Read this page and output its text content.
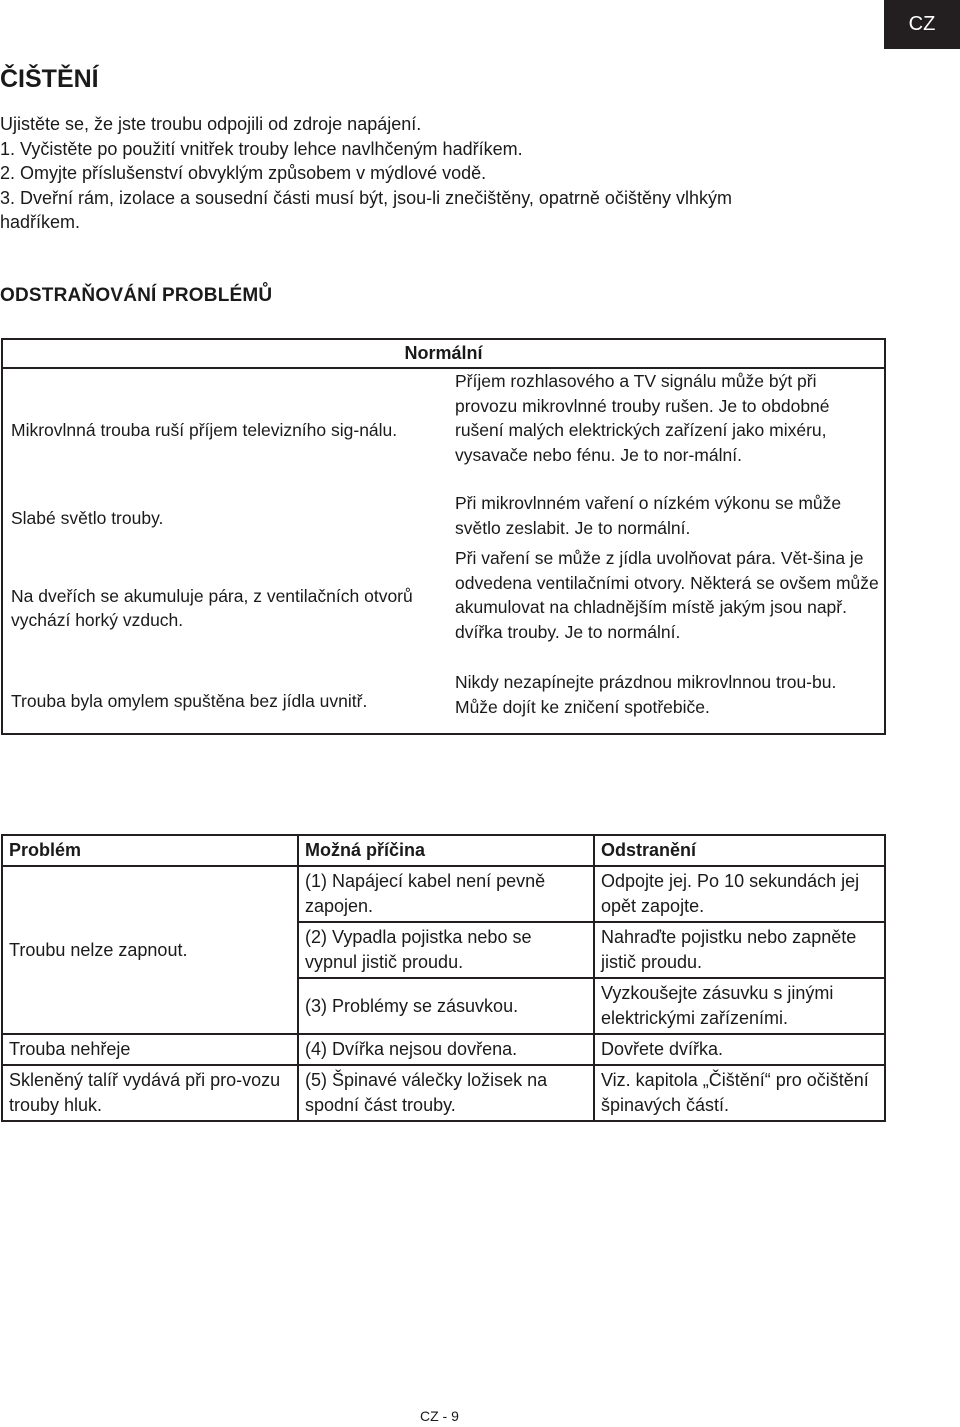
CZ
ČIŠTĚNÍ
Ujistěte se, že jste troubu odpojili od zdroje napájení.
1. Vyčistěte po použití vnitřek trouby lehce navlhčeným hadříkem.
2. Omyjte příslušenství obvyklým způsobem v mýdlové vodě.
3. Dveřní rám, izolace a sousední části musí být, jsou-li znečištěny, opatrně očištěny vlhkým
hadříkem.
ODSTRAŇOVÁNÍ PROBLÉMŮ
Normální	
Mikrovlnná trouba ruší příjem televizního sig-nálu.	Příjem rozhlasového a TV signálu může být při provozu mikrovlnné trouby rušen. Je to obdobné rušení malých elektrických zařízení jako mixéru, vysavače nebo fénu. Je to nor-mální.
Slabé světlo trouby.	Při mikrovlnném vaření o nízkém výkonu se může světlo zeslabit. Je to normální.
Na dveřích se akumuluje pára, z ventilačních otvorů vychází horký vzduch.	Při vaření se může z jídla uvolňovat pára. Vět-šina je odvedena ventilačními otvory. Některá se ovšem může akumulovat na chladnějším místě jakým jsou např. dvířka trouby. Je to normální.
Trouba byla omylem spuštěna bez jídla uvnitř.	Nikdy nezapínejte prázdnou mikrovlnnou trou-bu. Může dojít ke zničení spotřebiče.
Problém	Možná příčina	Odstranění
Troubu nelze zapnout.	(1) Napájecí kabel není pevně zapojen.	Odpojte jej. Po 10 sekundách jej opět zapojte.
	(2) Vypadla pojistka nebo se vypnul jistič proudu.	Nahraďte pojistku nebo zapněte jistič proudu.
	(3) Problémy se zásuvkou.	Vyzkoušejte zásuvku s jinými elektrickými zařízeními.
Trouba nehřeje	(4) Dvířka nejsou dovřena.	Dovřete dvířka.
Skleněný talíř vydává při pro-vozu trouby hluk.	(5) Špinavé válečky ložisek na spodní část trouby.	Viz. kapitola „Čištění“ pro očištění špinavých částí.
CZ - 9
